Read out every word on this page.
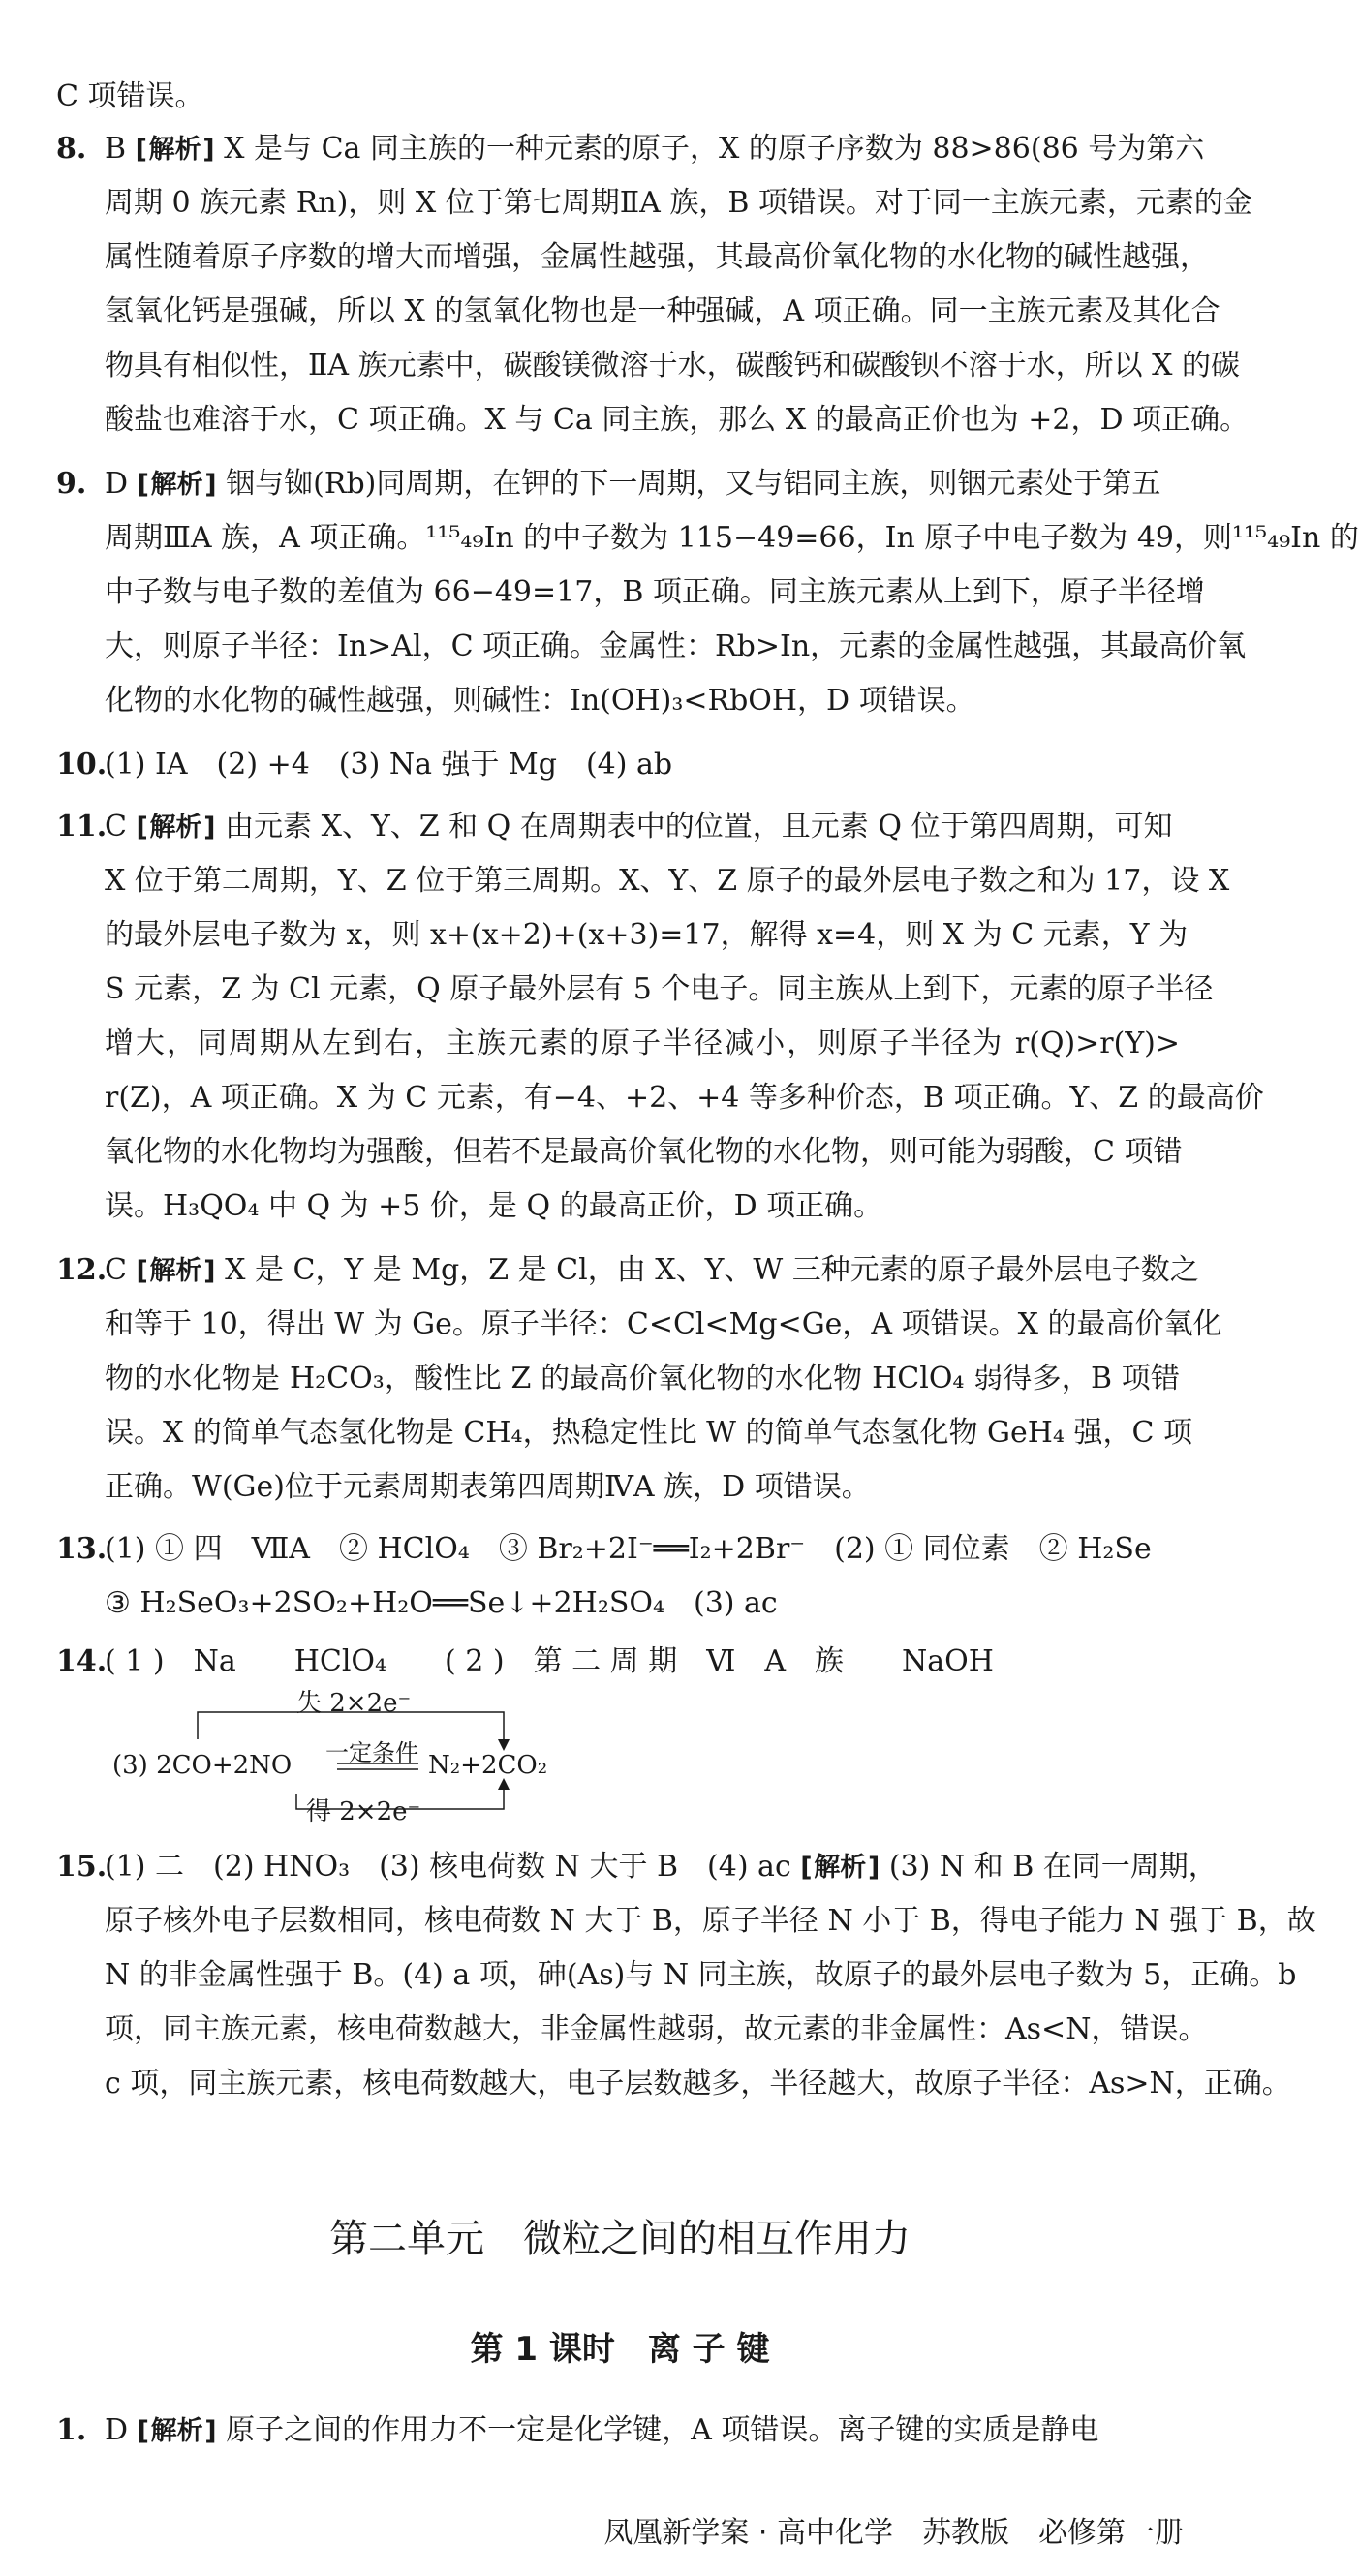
C 项错误。
8. B [ 解析 ] X 是与 Ca 同主族的一种元素的原子，X 的原子序数为 88>86(86 号为第六
周期 0 族元素 Rn)，则 X 位于第七周期ⅡA 族，B 项错误。对于同一主族元素，元素的金
属性随着原子序数的增大而增强，金属性越强，其最高价氧化物的水化物的碱性越强，
氢氧化钙是强碱，所以 X 的氢氧化物也是一种强碱，A 项正确。同一主族元素及其化合
物具有相似性，ⅡA 族元素中，碳酸镁微溶于水，碳酸钙和碳酸钡不溶于水，所以 X 的碳
酸盐也难溶于水，C 项正确。X 与 Ca 同主族，那么 X 的最高正价也为 +2，D 项正确。
9. D [ 解析 ] 铟与铷(Rb)同周期，在钾的下一周期，又与铝同主族，则铟元素处于第五
周期ⅢA 族，A 项正确。¹¹⁵₄₉In 的中子数为 115−49=66，In 原子中电子数为 49，则¹¹⁵₄₉In 的
中子数与电子数的差值为 66−49=17，B 项正确。同主族元素从上到下，原子半径增
大，则原子半径：In>Al，C 项正确。金属性：Rb>In，元素的金属性越强，其最高价氧
化物的水化物的碱性越强，则碱性：In(OH)₃<RbOH，D 项错误。
10.
(1) ⅠA　(2) +4　(3) Na 强于 Mg　(4) ab
11.
C [ 解析 ] 由元素 X、Y、Z 和 Q 在周期表中的位置，且元素 Q 位于第四周期，可知
X 位于第二周期，Y、Z 位于第三周期。X、Y、Z 原子的最外层电子数之和为 17，设 X
的最外层电子数为 x，则 x+(x+2)+(x+3)=17，解得 x=4，则 X 为 C 元素，Y 为
S 元素，Z 为 Cl 元素，Q 原子最外层有 5 个电子。同主族从上到下，元素的原子半径
增大，同周期从左到右，主族元素的原子半径减小，则原子半径为 r(Q)>r(Y)>
r(Z)，A 项正确。X 为 C 元素，有−4、+2、+4 等多种价态，B 项正确。Y、Z 的最高价
氧化物的水化物均为强酸，但若不是最高价氧化物的水化物，则可能为弱酸，C 项错
误。H₃QO₄ 中 Q 为 +5 价，是 Q 的最高正价，D 项正确。
12.
C [ 解析 ] X 是 C，Y 是 Mg，Z 是 Cl，由 X、Y、W 三种元素的原子最外层电子数之
和等于 10，得出 W 为 Ge。原子半径：C<Cl<Mg<Ge，A 项错误。X 的最高价氧化
物的水化物是 H₂CO₃，酸性比 Z 的最高价氧化物的水化物 HClO₄ 弱得多，B 项错
误。X 的简单气态氢化物是 CH₄，热稳定性比 W 的简单气态氢化物 GeH₄ 强，C 项
正确。W(Ge)位于元素周期表第四周期ⅣA 族，D 项错误。
13.
(1) ① 四　ⅦA　② HClO₄　③ Br₂+2I⁻══I₂+2Br⁻　(2) ① 同位素　② H₂Se
③ H₂SeO₃+2SO₂+H₂O══Se↓+2H₂SO₄　(3) ac
14.
( 1 )　Na　　HClO₄　　( 2 )　第 二 周 期　Ⅵ　A　族　　NaOH
失 2×2e⁻
(3) 2CO+2NO 一定条件 N₂+2CO₂
得 2×2e⁻
15.
(1) 二　(2) HNO₃　(3) 核电荷数 N 大于 B　(4) ac [ 解析 ] (3) N 和 B 在同一周期，
原子核外电子层数相同，核电荷数 N 大于 B，原子半径 N 小于 B，得电子能力 N 强于 B，故
N 的非金属性强于 B。(4) a 项，砷(As)与 N 同主族，故原子的最外层电子数为 5，正确。b
项，同主族元素，核电荷数越大，非金属性越弱，故元素的非金属性：As<N，错误。
c 项，同主族元素，核电荷数越大，电子层数越多，半径越大，故原子半径：As>N，正确。
第二单元　微粒之间的相互作用力
第 1 课时　离 子 键
1. D [ 解析 ] 原子之间的作用力不一定是化学键，A 项错误。离子键的实质是静电
凤凰新学案 · 高中化学　苏教版　必修第一册
